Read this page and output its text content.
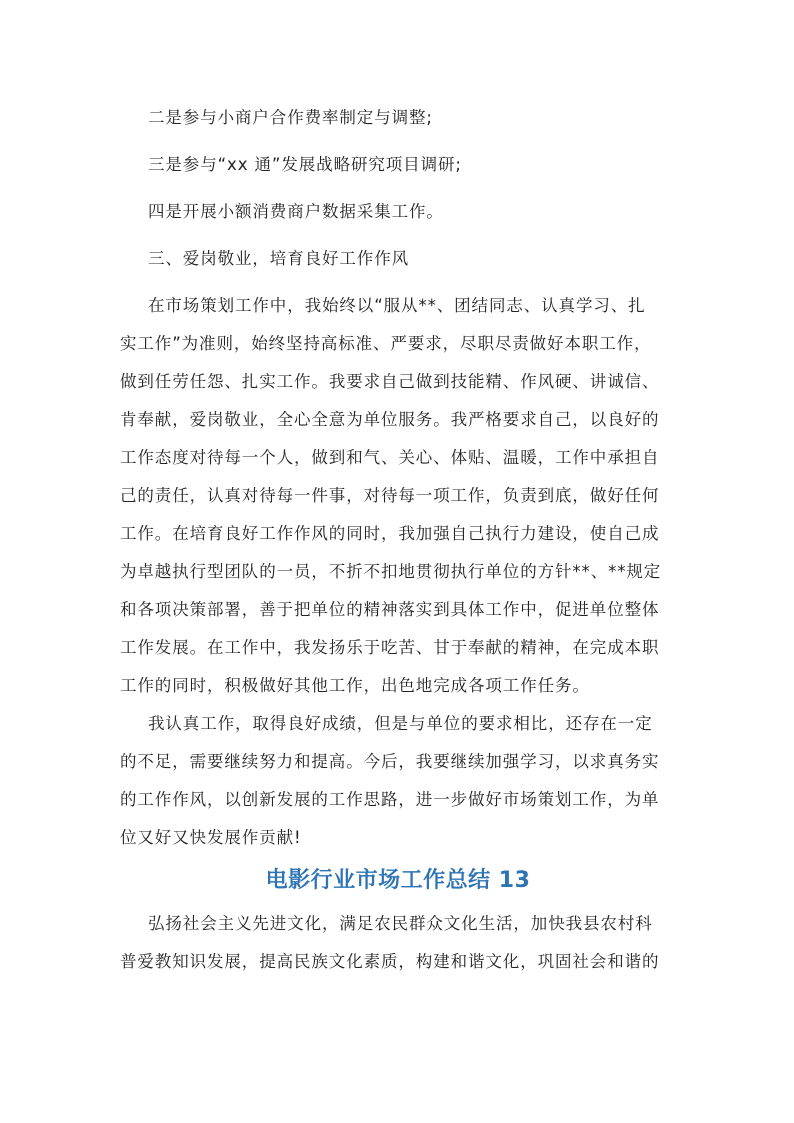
二是参与小商户合作费率制定与调整;

三是参与“xx 通”发展战略研究项目调研;

四是开展小额消费商户数据采集工作。

三、爱岗敬业，培育良好工作作风

在市场策划工作中，我始终以“服从**、团结同志、认真学习、扎

实工作”为准则，始终坚持高标准、严要求，尽职尽责做好本职工作，

做到任劳任怨、扎实工作。我要求自己做到技能精、作风硬、讲诚信、

肯奉献，爱岗敬业，全心全意为单位服务。我严格要求自己，以良好的

工作态度对待每一个人，做到和气、关心、体贴、温暖，工作中承担自

己的责任，认真对待每一件事，对待每一项工作，负责到底，做好任何

工作。在培育良好工作作风的同时，我加强自己执行力建设，使自己成

为卓越执行型团队的一员，不折不扣地贯彻执行单位的方针**、**规定

和各项决策部署，善于把单位的精神落实到具体工作中，促进单位整体

工作发展。在工作中，我发扬乐于吃苦、甘于奉献的精神，在完成本职

工作的同时，积极做好其他工作，出色地完成各项工作任务。

我认真工作，取得良好成绩，但是与单位的要求相比，还存在一定

的不足，需要继续努力和提高。今后，我要继续加强学习，以求真务实

的工作作风，以创新发展的工作思路，进一步做好市场策划工作，为单

位又好又快发展作贡献!

电影行业市场工作总结 13

弘扬社会主义先进文化，满足农民群众文化生活，加快我县农村科

普爱教知识发展，提高民族文化素质，构建和谐文化，巩固社会和谐的
